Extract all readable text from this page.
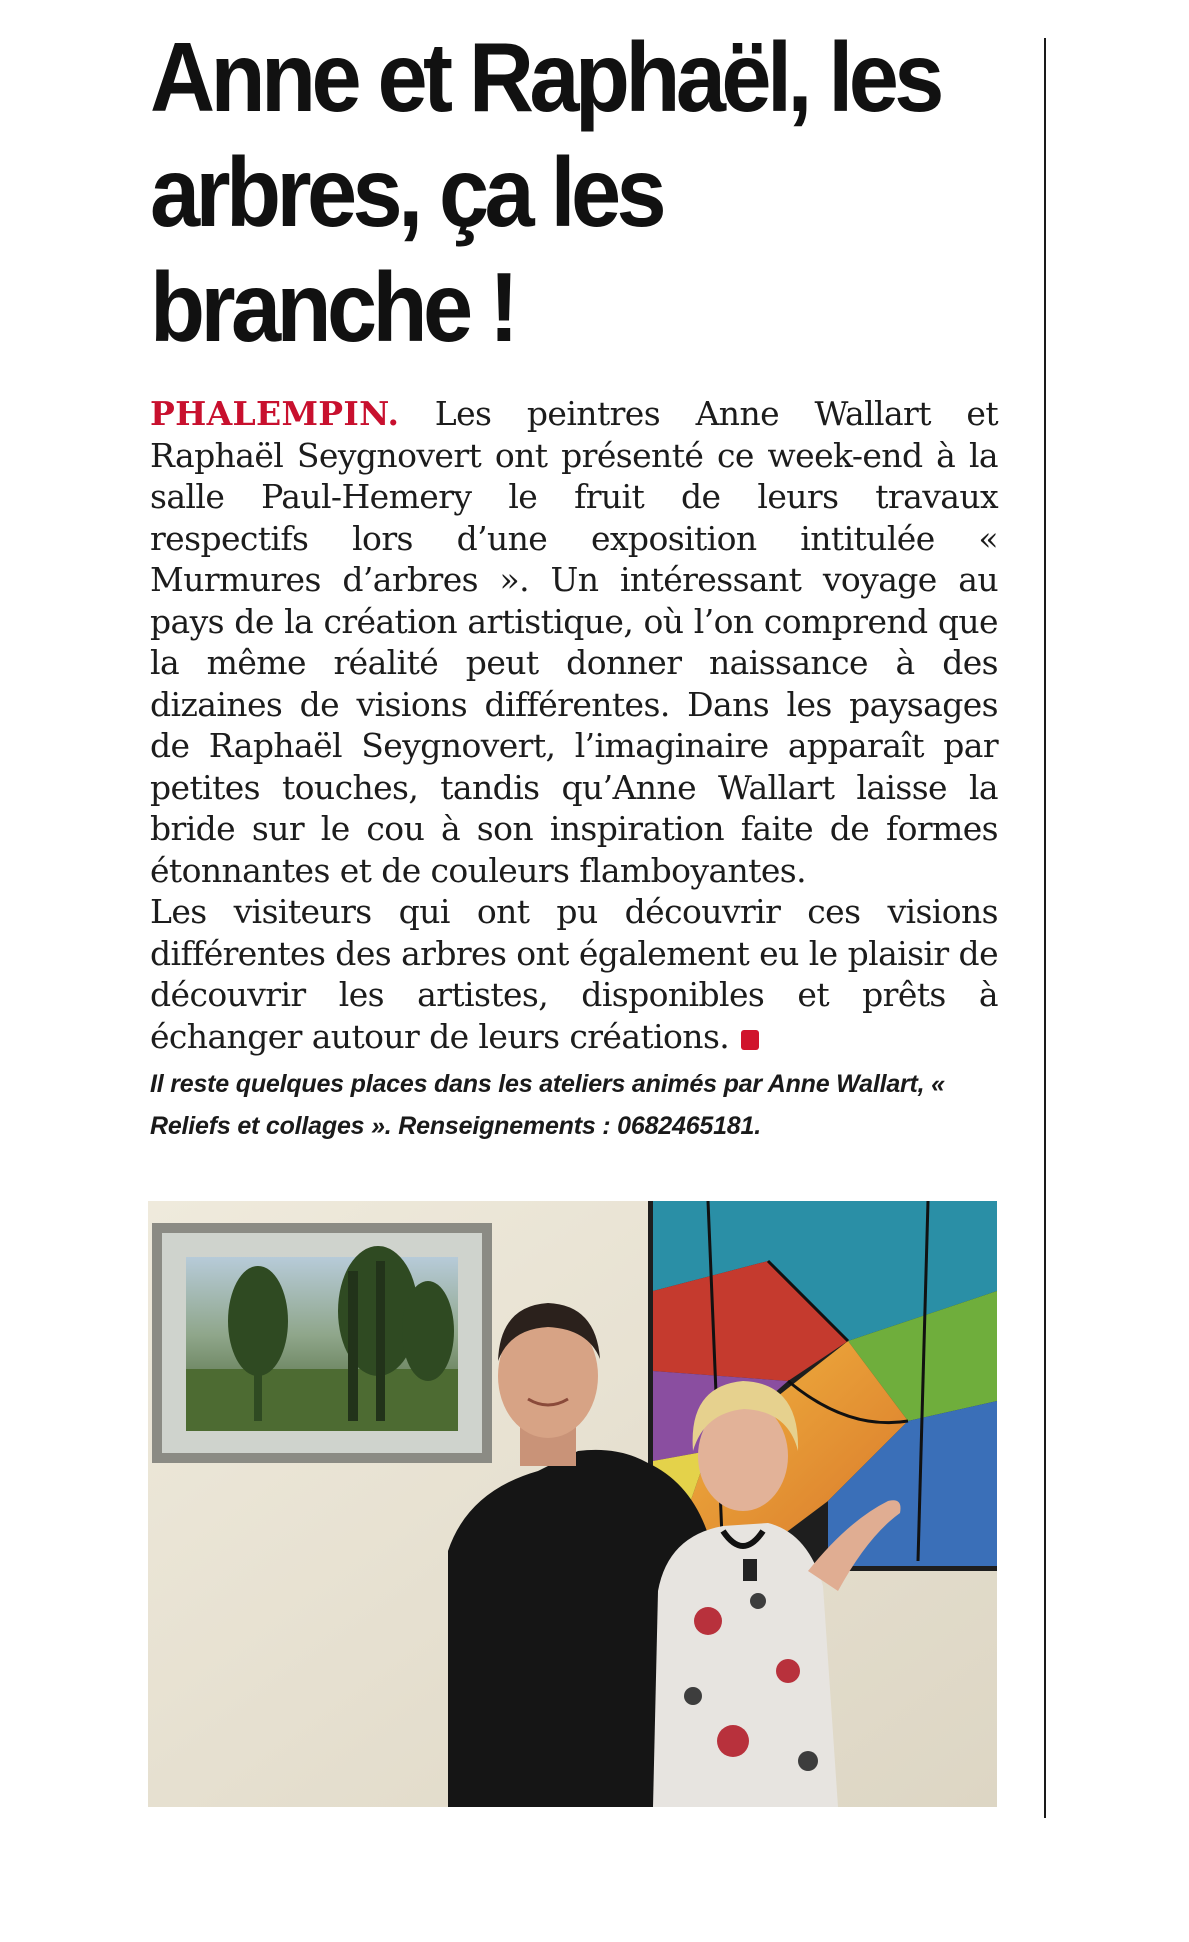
Anne et Raphaël, les arbres, ça les branche !

PHALEMPIN. Les peintres Anne Wallart et Raphaël Seygnovert ont présenté ce week-end à la salle Paul-Hemery le fruit de leurs travaux respectifs lors d’une exposition intitulée « Murmures d’arbres ». Un intéressant voyage au pays de la création artistique, où l’on comprend que la même réalité peut donner naissance à des dizaines de visions différentes. Dans les paysages de Raphaël Seygnovert, l’imaginaire apparaît par petites touches, tandis qu’Anne Wallart laisse la bride sur le cou à son inspiration faite de formes étonnantes et de couleurs flamboyantes.

Les visiteurs qui ont pu découvrir ces visions différentes des arbres ont également eu le plaisir de découvrir les artistes, disponibles et prêts à échanger autour de leurs créations.

Il reste quelques places dans les ateliers animés par Anne Wallart, « Reliefs et collages ». Renseignements : 0682465181.
